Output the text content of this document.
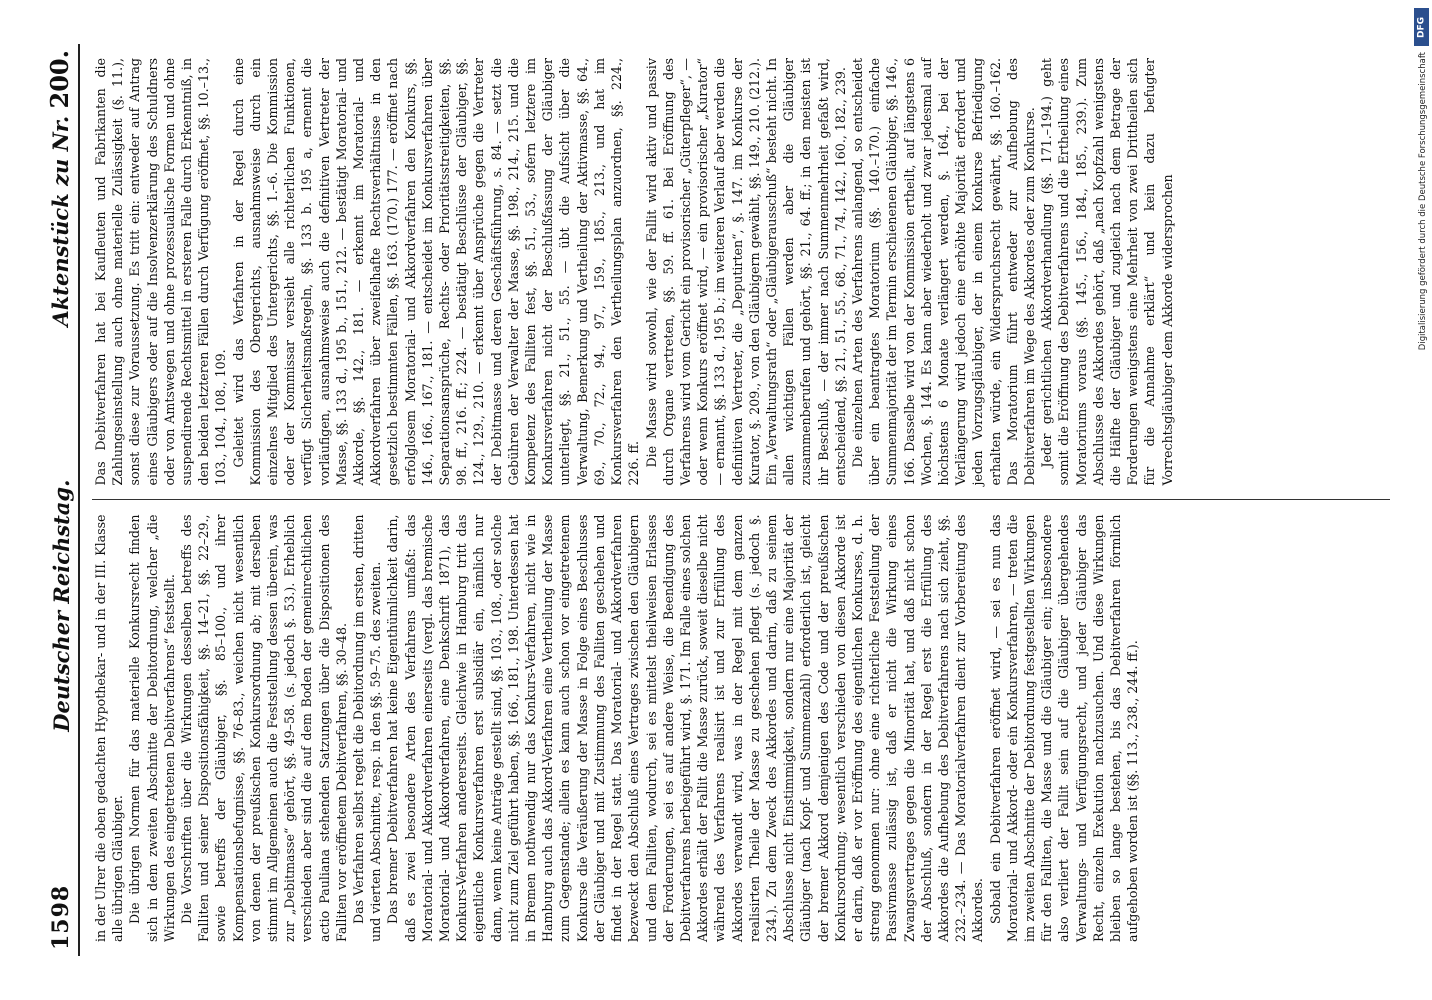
1598
Deutscher Reichstag.
Aktenstück zu Nr. 200.

in der Ulrer die oben gedachten Hypothekar- und in der III. Klasse alle übrigen Gläubiger. Die übrigen Normen für das materielle Konkursrecht finden sich in dem zweiten Abschnitte der Debitordnung, welcher „die Wirkungen des eingetretenen Debitverfahrens“ feststellt. Die Vorschriften über die Wirkungen desselben betreffs des Falliten und seiner Dispositionsfähigkeit, §§. 14–21, §§. 22–29., sowie betreffs der Gläubiger, §§. 85–100., und ihrer Kompensationsbefugnisse, §§. 76–83., weichen nicht wesentlich von denen der preußischen Konkursordnung ab; mit derselben stimmt im Allgemeinen auch die Feststellung dessen überein, was zur „Debitmasse“ gehört, §§. 49–58. (s. jedoch §. 53.). Erheblich verschieden aber sind die auf dem Boden der gemeinrechtlichen actio Pauliana stehenden Satzungen über die Dispositionen des Falliten vor eröffnetem Debitverfahren, §§. 30–48. Das Verfahren selbst regelt die Debitordnung im ersten, dritten und vierten Abschnitte, resp. in den §§. 59–75. des zweiten. Das bremer Debitverfahren hat keine Eigenthümlichkeit darin, daß es zwei besondere Arten des Verfahrens umfaßt: das Moratorial- und Akkordverfahren einerseits (vergl. das bremische Moratorial- und Akkordverfahren, eine Denkschrift 1871), das Konkurs-Verfahren andererseits. Gleichwie in Hamburg tritt das eigentliche Konkursverfahren erst subsidiär ein, nämlich nur dann, wenn keine Anträge gestellt sind, §§. 103., 108., oder solche nicht zum Ziel geführt haben, §§. 166., 181., 198. Unterdessen hat in Bremen nothwendig nur das Konkurs-Verfahren, nicht wie in Hamburg auch das Akkord-Verfahren eine Vertheilung der Masse zum Gegenstande; allein es kann auch schon vor eingetretenem Konkurse die Veräußerung der Masse in Folge eines Beschlusses der Gläubiger und mit Zustimmung des Falliten geschehen und findet in der Regel statt. Das Moratorial- und Akkordverfahren bezweckt den Abschluß eines Vertrages zwischen den Gläubigern und dem Falliten, wodurch, sei es mittelst theilweisen Erlasses der Forderungen, sei es auf andere Weise, die Beendigung des Debitverfahrens herbeigeführt wird, §. 171. Im Falle eines solchen Akkordes erhält der Fallit die Masse zurück, soweit dieselbe nicht während des Verfahrens realisirt ist und zur Erfüllung des Akkordes verwandt wird, was in der Regel mit dem ganzen realisirten Theile der Masse zu geschehen pflegt (s. jedoch §. 234.). Zu dem Zweck des Akkordes und darin, daß zu seinem Abschlusse nicht Einstimmigkeit, sondern nur eine Majorität der Gläubiger (nach Kopf- und Summenzahl) erforderlich ist, gleicht der bremer Akkord demjenigen des Code und der preußischen Konkursordnung; wesentlich verschieden von diesen Akkorde ist er darin, daß er vor Eröffnung des eigentlichen Konkurses, d. h. streng genommen nur: ohne eine richterliche Feststellung der Passivmasse zulässig ist, daß er nicht die Wirkung eines Zwangsvertrages gegen die Minorität hat, und daß nicht schon der Abschluß, sondern in der Regel erst die Erfüllung des Akkordes die Aufhebung des Debitverfahrens nach sich zieht, §§. 232.–234. — Das Moratorialverfahren dient zur Vorbereitung des Akkordes. Sobald ein Debitverfahren eröffnet wird, — sei es nun das Moratorial- und Akkord- oder ein Konkursverfahren, — treten die im zweiten Abschnitte der Debitordnung festgestellten Wirkungen für den Falliten, die Masse und die Gläubiger ein; insbesondere also verliert der Fallit sein auf die Gläubiger übergehendes Verwaltungs- und Verfügungsrecht, und jeder Gläubiger das Recht, einzeln Exekution nachzusuchen. Und diese Wirkungen bleiben so lange bestehen, bis das Debitverfahren förmlich aufgehoben worden ist (§§. 113., 238., 244. ff.).

Das Debitverfahren hat bei Kaufleuten und Fabrikanten die Zahlungseinstellung auch ohne materielle Zulässigkeit (§. 11.), sonst diese zur Voraussetzung. Es tritt ein: entweder auf Antrag eines Gläubigers oder auf die Insolvenzerklärung des Schuldners oder von Amtswegen und ohne prozessualische Formen und ohne suspendirende Rechtsmittel in ersteren Falle durch Erkenntniß, in den beiden letzteren Fällen durch Verfügung eröffnet, §§. 10.–13., 103., 104., 108., 109. Geleitet wird das Verfahren in der Regel durch eine Kommission des Obergerichts, ausnahmsweise durch ein einzelnes Mitglied des Untergerichts, §§. 1.–6. Die Kommission oder der Kommissar versieht alle richterlichen Funktionen, verfügt Sicherheitsmaßregeln, §§. 133 b. 195 a, ernennt die vorläufigen, ausnahmsweise auch die definitiven Vertreter der Masse, §§. 133 d., 195 b., 151., 212. — bestätigt Moratorial- und Akkorde, §§. 142., 181. — erkennt im Moratorial- und Akkordverfahren über zweifelhafte Rechtsverhältnisse in den gesetzlich bestimmten Fällen, §§. 163. (170.) 177. — eröffnet nach erfolglosem Moratorial- und Akkordverfahren den Konkurs, §§. 146., 166., 167., 181. — entscheidet im Konkursverfahren über Separationsansprüche, Rechts- oder Prioritätsstreitigkeiten, §§. 98. ff., 216. ff.; 224. — bestätigt Beschlüsse der Gläubiger, §§. 124., 129., 210. — erkennt über Ansprüche gegen die Vertreter der Debitmasse und deren Geschäftsführung, s. 84. — setzt die Gebühren der Verwalter der Masse, §§. 198., 214., 215. und die Kompetenz des Falliten fest, §§. 51., 53., sofern letztere im Konkursverfahren nicht der Beschlußfassung der Gläubiger unterliegt, §§. 21., 51., 55. — übt die Aufsicht über die Verwaltung, Bemerkung und Vertheilung der Aktivmasse, §§. 64., 69., 70., 72., 94., 97., 159., 185., 213., und hat im Konkursverfahren den Vertheilungsplan anzuordnen, §§. 224., 226. ff. Die Masse wird sowohl, wie der Fallit wird aktiv und passiv durch Organe vertreten, §§. 59. ff. 61. Bei Eröffnung des Verfahrens wird vom Gericht ein provisorischer „Güterpfleger“, — oder wenn Konkurs eröffnet wird, — ein provisorischer „Kurator“ — ernannt, §§. 133 d., 195 b.; im weiteren Verlauf aber werden die definitiven Vertreter, die „Deputirten“, §. 147. im Konkurse der Kurator, §. 209., von den Gläubigern gewählt, §§. 149., 210. (212.). Ein „Verwaltungsrath“ oder „Gläubigerausschuß“ besteht nicht. In allen wichtigen Fällen werden aber die Gläubiger zusammenberufen und gehört, §§. 21., 64. ff.; in den meisten ist ihr Beschluß, — der immer nach Summenmehrheit gefaßt wird, entscheidend, §§. 21., 51., 55., 68., 71., 74., 142., 160., 182., 239. Die einzelnen Arten des Verfahrens anlangend, so entscheidet über ein beantragtes Moratorium (§§. 140.–170.) einfache Summenmajorität der im Termin erschienenen Gläubiger, §§. 146., 166. Dasselbe wird von der Kommission ertheilt, auf längstens 6 Wochen, §. 144. Es kann aber wiederholt und zwar jedesmal auf höchstens 6 Monate verlängert werden, §. 164., bei der Verlängerung wird jedoch eine erhöhte Majorität erfordert und jeden Vorzugsgläubiger, der in einem Konkurse Befriedigung erhalten würde, ein Widerspruchsrecht gewährt, §§. 160.–162. Das Moratorium führt entweder zur Aufhebung des Debitverfahren im Wege des Akkordes oder zum Konkurse. Jeder gerichtlichen Akkordverhandlung (§§. 171.–194.) geht somit die Eröffnung des Debitverfahrens und die Ertheilung eines Moratoriums voraus (§§. 145., 156., 184., 185., 239.). Zum Abschlusse des Akkordes gehört, daß „nach Kopfzahl wenigstens die Hälfte der Gläubiger und zugleich nach dem Betrage der Forderungen wenigstens eine Mehrheit von zwei Drittheilen sich für die Annahme erklärt“ und kein dazu befugter Vorrechtsgläubiger dem Akkorde widersprochen

DFG
Digitalisierung gefördert durch die Deutsche Forschungsgemeinschaft
